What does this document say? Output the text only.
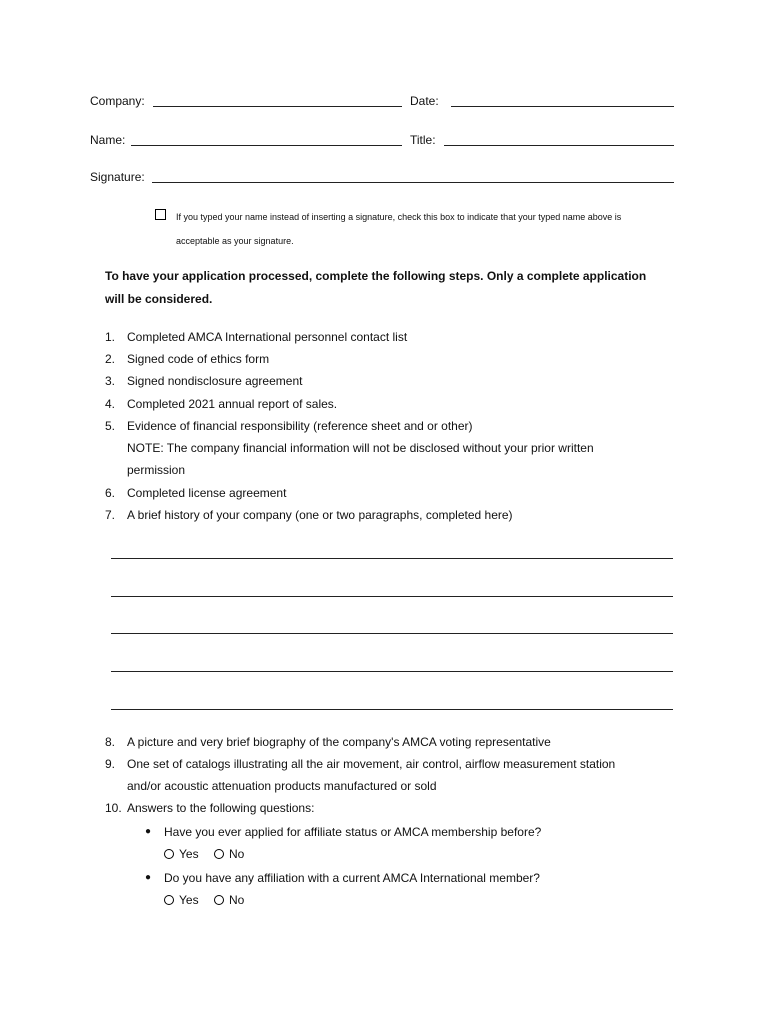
Company:	Date:
Name:	Title:
Signature:
If you typed your name instead of inserting a signature, check this box to indicate that your typed name above is
acceptable as your signature.
To have your application processed, complete the following steps. Only a complete application
will be considered.
1. Completed AMCA International personnel contact list
2. Signed code of ethics form
3. Signed nondisclosure agreement
4. Completed 2021 annual report of sales.
5. Evidence of financial responsibility (reference sheet and or other)
NOTE: The company financial information will not be disclosed without your prior written
permission
6. Completed license agreement
7. A brief history of your company (one or two paragraphs, completed here)
8. A picture and very brief biography of the company's AMCA voting representative
9. One set of catalogs illustrating all the air movement, air control, airflow measurement station
and/or acoustic attenuation products manufactured or sold
10. Answers to the following questions:
● Have you ever applied for affiliate status or AMCA membership before?
Yes	No
● Do you have any affiliation with a current AMCA International member?
Yes	No
